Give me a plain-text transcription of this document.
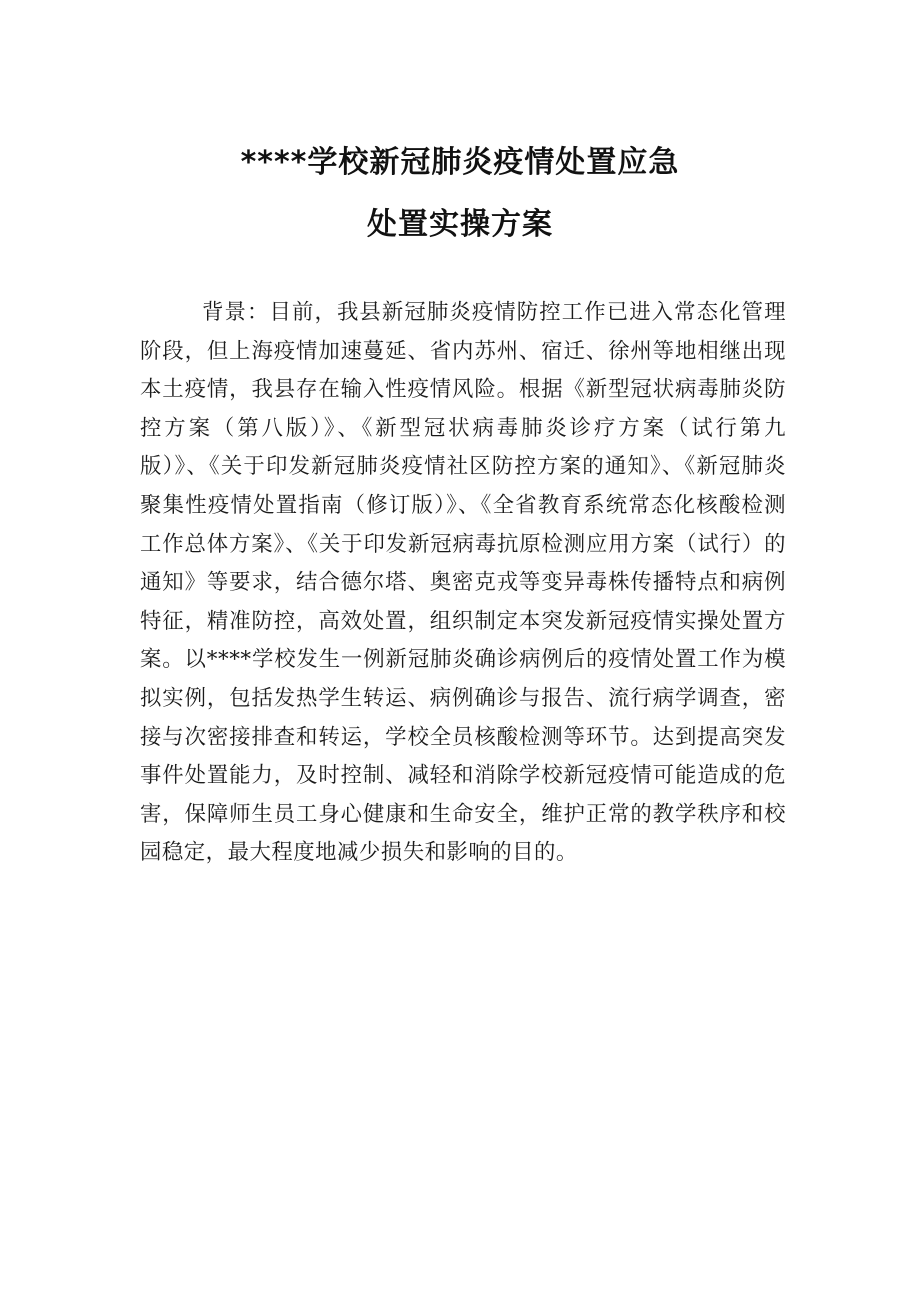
****学校新冠肺炎疫情处置应急
处置实操方案

背景：目前，我县新冠肺炎疫情防控工作已进入常态化管理阶段，但上海疫情加速蔓延、省内苏州、宿迁、徐州等地相继出现本土疫情，我县存在输入性疫情风险。根据《新型冠状病毒肺炎防控方案（第八版）》、《新型冠状病毒肺炎诊疗方案（试行第九版）》、《关于印发新冠肺炎疫情社区防控方案的通知》、《新冠肺炎聚集性疫情处置指南（修订版）》、《全省教育系统常态化核酸检测工作总体方案》、《关于印发新冠病毒抗原检测应用方案（试行）的通知》等要求，结合德尔塔、奥密克戎等变异毒株传播特点和病例特征，精准防控，高效处置，组织制定本突发新冠疫情实操处置方案。以****学校发生一例新冠肺炎确诊病例后的疫情处置工作为模拟实例，包括发热学生转运、病例确诊与报告、流行病学调查，密接与次密接排查和转运，学校全员核酸检测等环节。达到提高突发事件处置能力，及时控制、减轻和消除学校新冠疫情可能造成的危害，保障师生员工身心健康和生命安全，维护正常的教学秩序和校园稳定，最大程度地减少损失和影响的目的。
